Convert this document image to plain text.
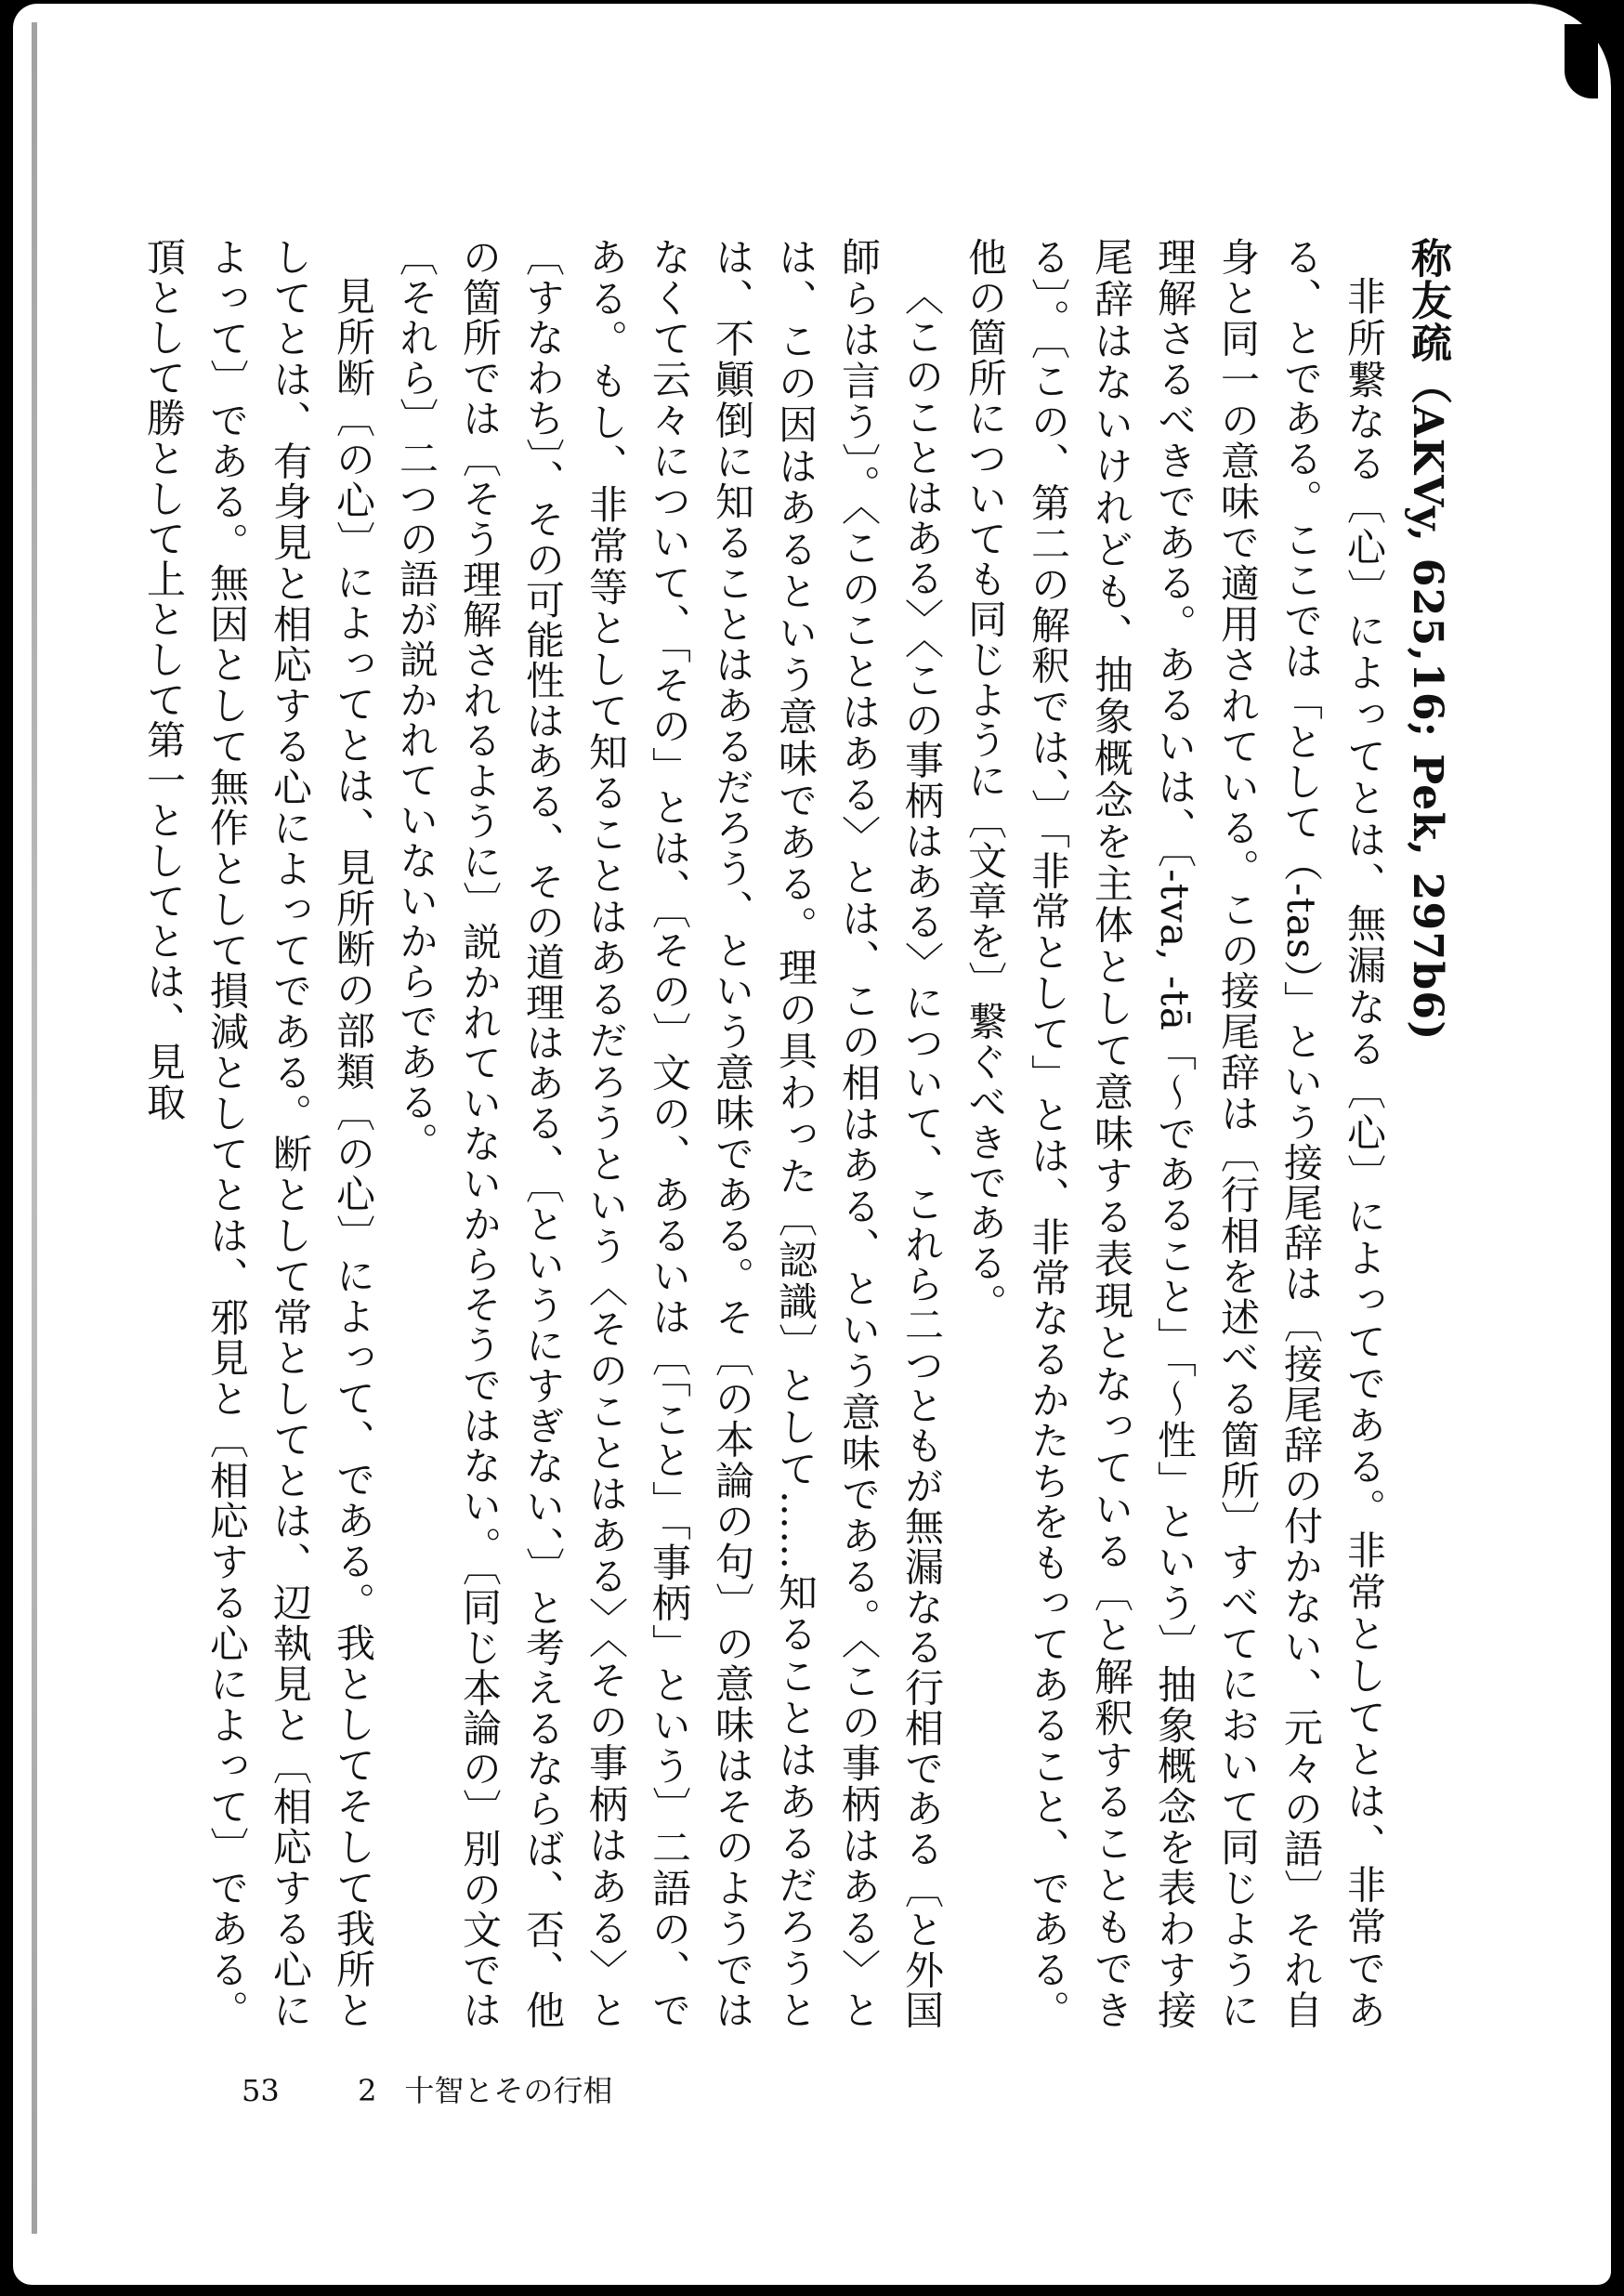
称友疏（AKVy, 625,16; Pek, 297b6)

非所繋なる〔心〕によってとは、無漏なる〔心〕によってである。非常としてとは、非常である、とである。ここでは「として（-tas）」という接尾辞は〔接尾辞の付かない、元々の語〕それ自身と同一の意味で適用されている。この接尾辞は〔行相を述べる箇所〕すべてにおいて同じように理解さるべきである。あるいは、〔-tva, -tā「～であること」「～性」という〕抽象概念を表わす接尾辞はないけれども、抽象概念を主体として意味する表現となっている〔と解釈することもできる〕。〔この、第二の解釈では、〕「非常として」とは、非常なるかたちをもってあること、である。他の箇所についても同じように〔文章を〕繋ぐべきである。

〈このことはある〉〈この事柄はある〉について、これら二つともが無漏なる行相である〔と外国師らは言う〕。〈このことはある〉とは、この相はある、という意味である。〈この事柄はある〉とは、この因はあるという意味である。理の具わった〔認識〕として……知ることはあるだろうとは、不顚倒に知ることはあるだろう、という意味である。そ〔の本論の句〕の意味はそのようではなくて云々について、「その」とは、〔その〕文の、あるいは〔「こと」「事柄」という〕二語の、である。もし、非常等として知ることはあるだろうという〈そのことはある〉〈その事柄はある〉と〔すなわち〕、その可能性はある、その道理はある、〔というにすぎない、〕と考えるならば、否、他の箇所では〔そう理解されるように〕説かれていないからそうではない。〔同じ本論の〕別の文では〔それら〕二つの語が説かれていないからである。

見所断〔の心〕によってとは、見所断の部類〔の心〕によって、である。我としてそして我所としてとは、有身見と相応する心によってである。断として常としてとは、辺執見と〔相応する心によって〕である。無因として無作として損減としてとは、邪見と〔相応する心によって〕である。頂として勝として上として第一としてとは、見取

53	2 十智とその行相
